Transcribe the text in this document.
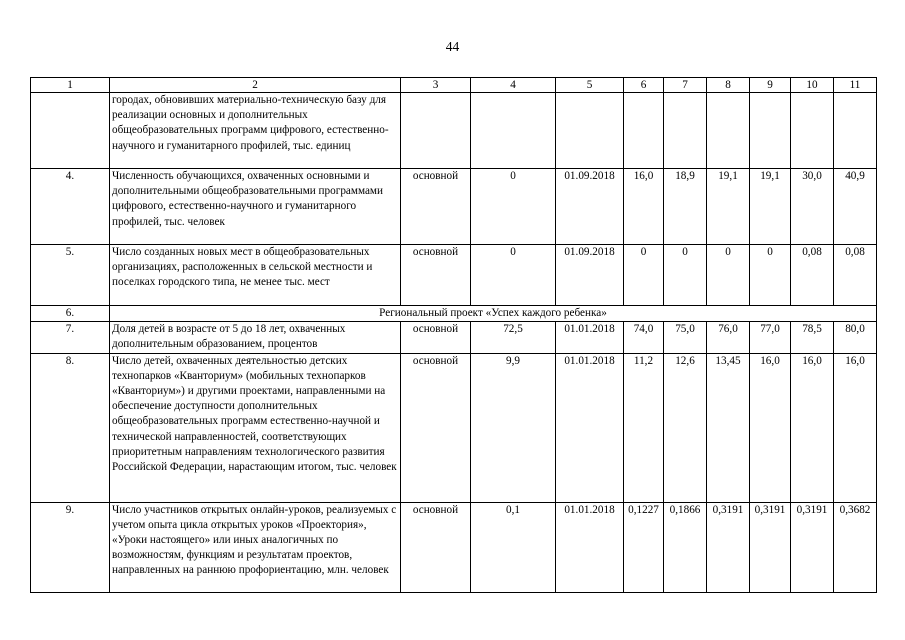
44
1	2	3	4	5	6	7	8	9	10	11
	городах, обновивших материально-техническую базу для реализации основных и дополнительных общеобразовательных программ цифрового, естественно-научного и гуманитарного профилей, тыс. единиц									
4.	Численность обучающихся, охваченных основными и дополнительными общеобразовательными программами цифрового, естественно-научного и гуманитарного профилей, тыс. человек	основной	0	01.09.2018	16,0	18,9	19,1	19,1	30,0	40,9
5.	Число созданных новых мест в общеобразовательных организациях, расположенных в сельской местности и поселках городского типа, не менее тыс. мест	основной	0	01.09.2018	0	0	0	0	0,08	0,08
6.	Региональный проект «Успех каждого ребенка»									
7.	Доля детей в возрасте от 5 до 18 лет, охваченных дополнительным образованием, процентов	основной	72,5	01.01.2018	74,0	75,0	76,0	77,0	78,5	80,0
8.	Число детей, охваченных деятельностью детских технопарков «Кванториум» (мобильных технопарков «Кванториум») и другими проектами, направленными на обеспечение доступности дополнительных общеобразовательных программ естественно-научной и технической направленностей, соответствующих приоритетным направлениям технологического развития Российской Федерации, нарастающим итогом, тыс. человек	основной	9,9	01.01.2018	11,2	12,6	13,45	16,0	16,0	16,0
9.	Число участников открытых онлайн-уроков, реализуемых с учетом опыта цикла открытых уроков «Проектория», «Уроки настоящего» или иных аналогичных по возможностям, функциям и результатам проектов, направленных на раннюю профориентацию, млн. человек	основной	0,1	01.01.2018	0,1227	0,1866	0,3191	0,3191	0,3191	0,3682
